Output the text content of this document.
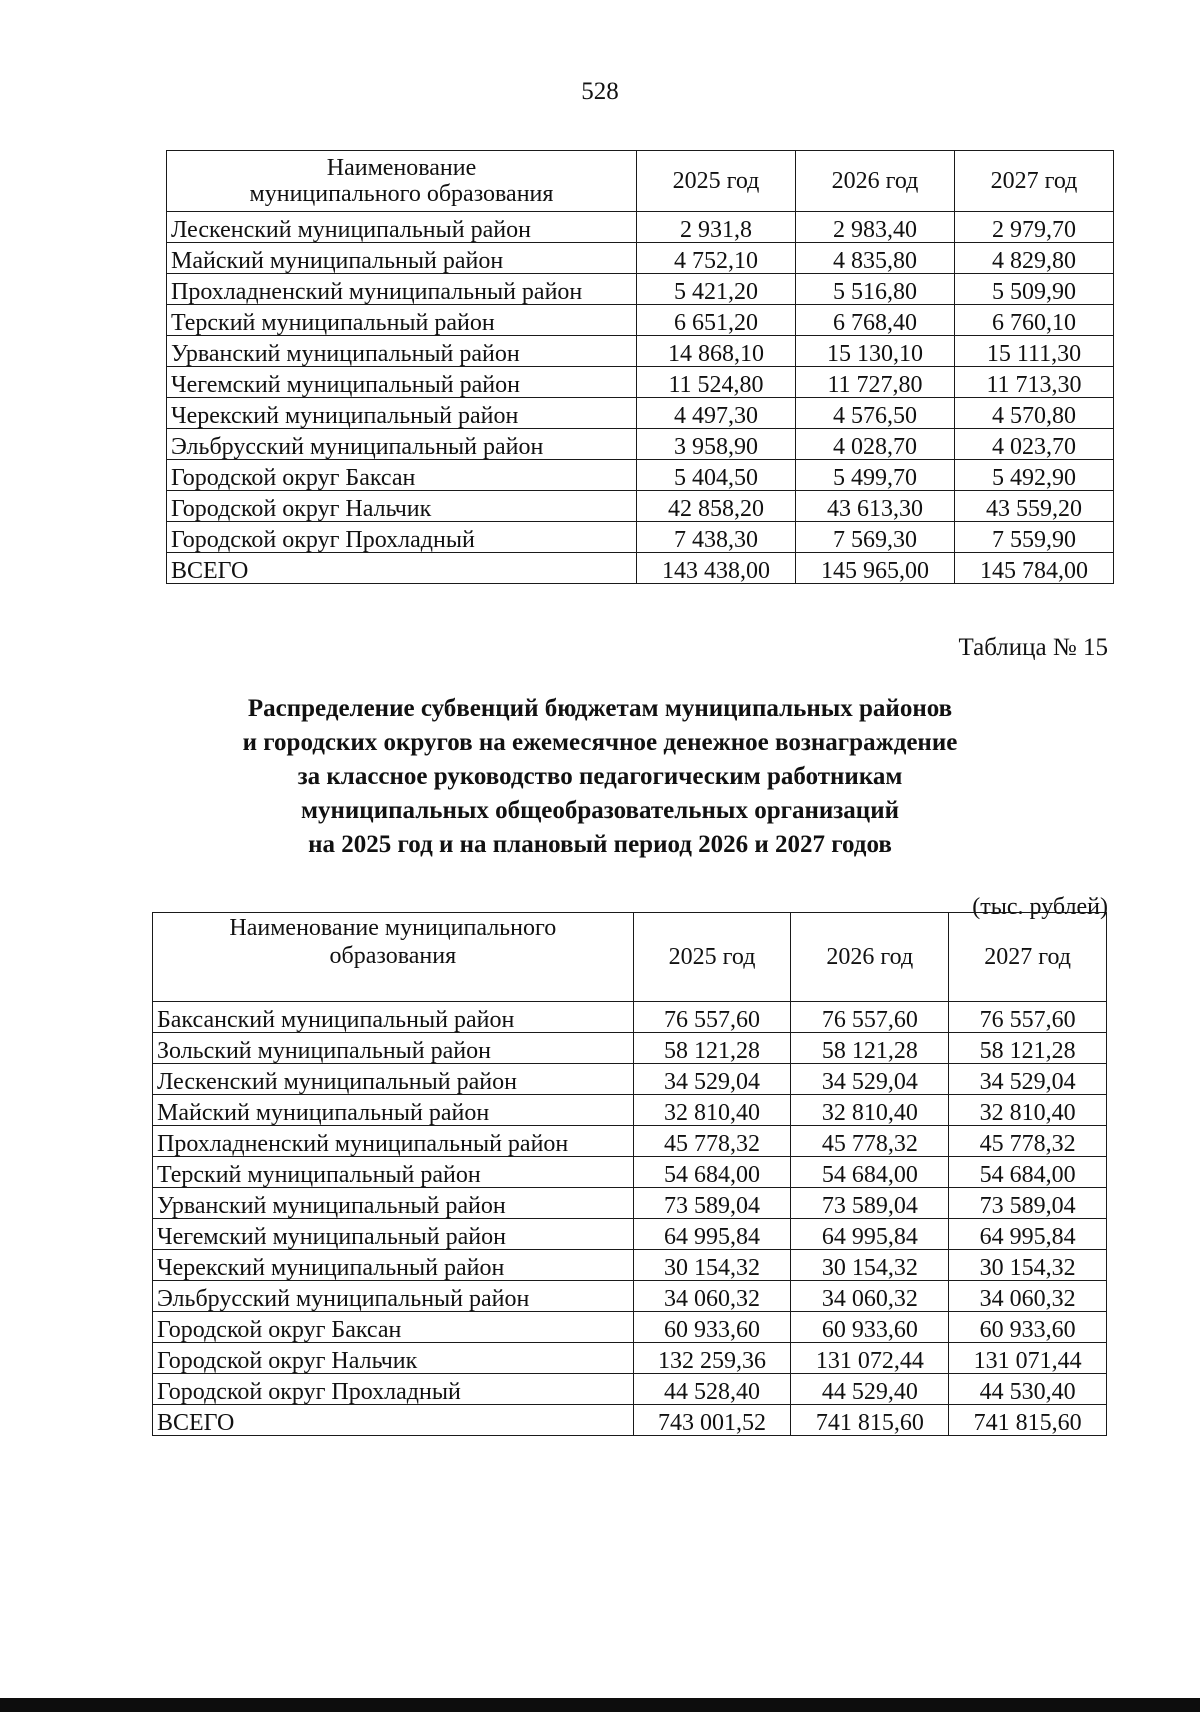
528
Наименование
муниципального образования	2025 год	2026 год	2027 год
Лескенский муниципальный район	2 931,8	2 983,40	2 979,70
Майский муниципальный район	4 752,10	4 835,80	4 829,80
Прохладненский муниципальный район	5 421,20	5 516,80	5 509,90
Терский муниципальный район	6 651,20	6 768,40	6 760,10
Урванский муниципальный район	14 868,10	15 130,10	15 111,30
Чегемский муниципальный район	11 524,80	11 727,80	11 713,30
Черекский муниципальный район	4 497,30	4 576,50	4 570,80
Эльбрусский муниципальный район	3 958,90	4 028,70	4 023,70
Городской округ Баксан	5 404,50	5 499,70	5 492,90
Городской округ Нальчик	42 858,20	43 613,30	43 559,20
Городской округ Прохладный	7 438,30	7 569,30	7 559,90
ВСЕГО	143 438,00	145 965,00	145 784,00
Таблица № 15
Распределение субвенций бюджетам муниципальных районов
и городских округов на ежемесячное денежное вознаграждение
за классное руководство педагогическим работникам
муниципальных общеобразовательных организаций
на 2025 год и на плановый период 2026 и 2027 годов
(тыс. рублей)
Наименование муниципального
образования	2025 год	2026 год	2027 год
Баксанский муниципальный район	76 557,60	76 557,60	76 557,60
Зольский муниципальный район	58 121,28	58 121,28	58 121,28
Лескенский муниципальный район	34 529,04	34 529,04	34 529,04
Майский муниципальный район	32 810,40	32 810,40	32 810,40
Прохладненский муниципальный район	45 778,32	45 778,32	45 778,32
Терский муниципальный район	54 684,00	54 684,00	54 684,00
Урванский муниципальный район	73 589,04	73 589,04	73 589,04
Чегемский муниципальный район	64 995,84	64 995,84	64 995,84
Черекский муниципальный район	30 154,32	30 154,32	30 154,32
Эльбрусский муниципальный район	34 060,32	34 060,32	34 060,32
Городской округ Баксан	60 933,60	60 933,60	60 933,60
Городской округ Нальчик	132 259,36	131 072,44	131 071,44
Городской округ Прохладный	44 528,40	44 529,40	44 530,40
ВСЕГО	743 001,52	741 815,60	741 815,60
